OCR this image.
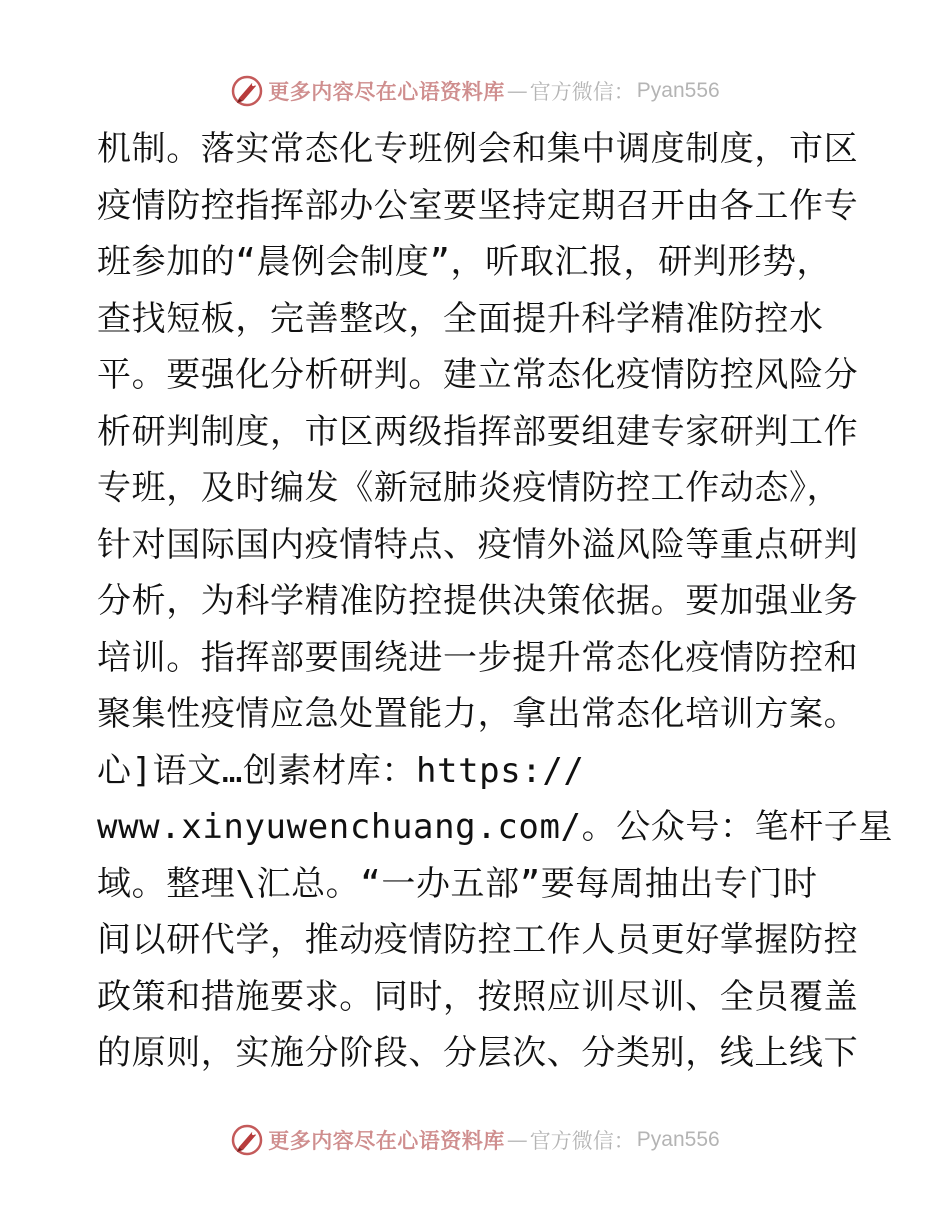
更多内容尽在心语资料库 — 官方微信： Pyan556
机制。落实常态化专班例会和集中调度制度，市区
疫情防控指挥部办公室要坚持定期召开由各工作专
班参加的“晨例会制度”，听取汇报，研判形势，
查找短板，完善整改，全面提升科学精准防控水
平。要强化分析研判。建立常态化疫情防控风险分
析研判制度，市区两级指挥部要组建专家研判工作
专班，及时编发《新冠肺炎疫情防控工作动态》，
针对国际国内疫情特点、疫情外溢风险等重点研判
分析，为科学精准防控提供决策依据。要加强业务
培训。指挥部要围绕进一步提升常态化疫情防控和
聚集性疫情应急处置能力，拿出常态化培训方案。
心]语文…创素材库：https://
www.xinyuwenchuang.com/。公众号：笔杆子星
域。整理\汇总。“一办五部”要每周抽出专门时
间以研代学，推动疫情防控工作人员更好掌握防控
政策和措施要求。同时，按照应训尽训、全员覆盖
的原则，实施分阶段、分层次、分类别，线上线下
更多内容尽在心语资料库 — 官方微信： Pyan556
